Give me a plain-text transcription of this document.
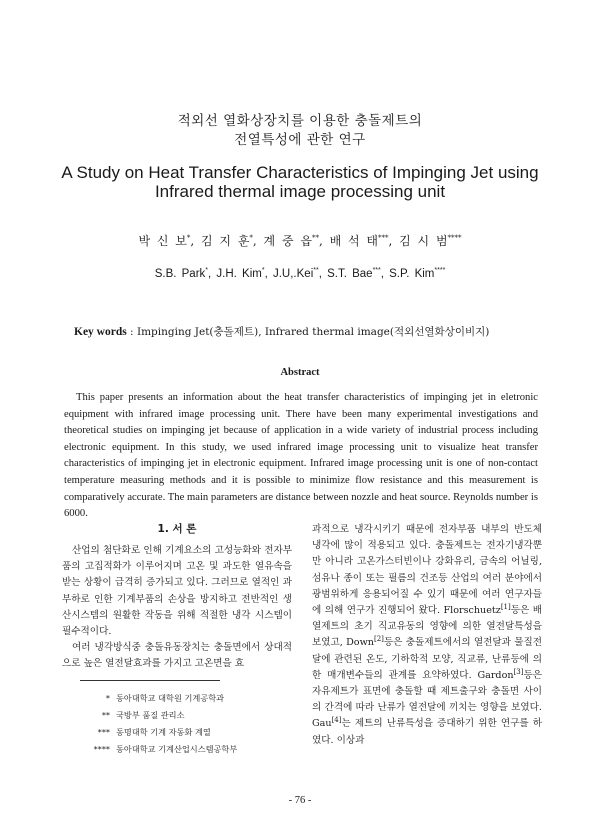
적외선 열화상장치를 이용한 충돌제트의
전열특성에 관한 연구
A Study on Heat Transfer Characteristics of Impinging Jet using
Infrared thermal image processing unit
박 신 보*, 김 지 훈*, 계 중 읍**, 배 석 태***, 김 시 범****
S.B. Park*, J.H. Kim*, J.U,.Kei**, S.T. Bae***, S.P. Kim****
Key words : Impinging Jet(충돌제트), Infrared thermal image(적외선열화상이비지)
Abstract

This paper presents an information about the heat transfer characteristics of impinging jet in eletronic equipment with infrared image processing unit. There have been many experimental investigations and theoretical studies on impinging jet because of application in a wide variety of industrial process including electronic equipment. In this study, we used infrared image processing unit to visualize heat transfer characteristics of impinging jet in electronic equipment. Infrared image processing unit is one of non-contact temperature measuring methods and it is possible to minimize flow resistance and this measurement is comparatively accurate. The main parameters are distance between nozzle and heat source. Reynolds number is 6000.

1. 서 론
산업의 첨단화로 인해 기계요소의 고성능화와 전자부품의 고집적화가 이루어지며 고온 및 과도한 열유속을 받는 상황이 급격히 증가되고 있다. 그러므로 열적인 과부하로 인한 기계부품의 손상을 방지하고 전반적인 생산시스템의 원활한 작동을 위해 적절한 냉각 시스템이 필수적이다.
여러 냉각방식중 충돌유동장치는 충돌면에서 상대적으로 높은 열전달효과를 가지고 고온면을 효
과적으로 냉각시키기 때문에 전자부품 내부의 반도체 냉각에 많이 적용되고 있다. 충돌제트는 전자기냉각뿐만 아니라 고온가스터빈이나 강화유리, 금속의 어닐링, 섬유나 종이 또는 필름의 건조등 산업의 여러 분야에서 광범위하게 응용되어질 수 있기 때문에 여러 연구자들에 의해 연구가 진행되어 왔다. Florschuetz[1]등은 배열제트의 초기 직교유동의 영향에 의한 열전달특성을 보였고, Down[2]등은 충돌제트에서의 열전달과 물질전달에 관련된 온도, 기하학적 모양, 직교류, 난류등에 의한 매개변수들의 관계를 요약하였다. Gardon[3]등은 자유제트가 표면에 충돌할 때 제트출구와 충돌면 사이의 간격에 따라 난류가 열전달에 끼치는 영향을 보였다. Gau[4]는 제트의 난류특성을 증대하기 위한 연구를 하였다. 이상과
* 동아대학교 대학원 기계공학과
** 국방부 품질 관리소
*** 동명대학 기계 자동화 계열
**** 동아대학교 기계산업시스템공학부
- 76 -
